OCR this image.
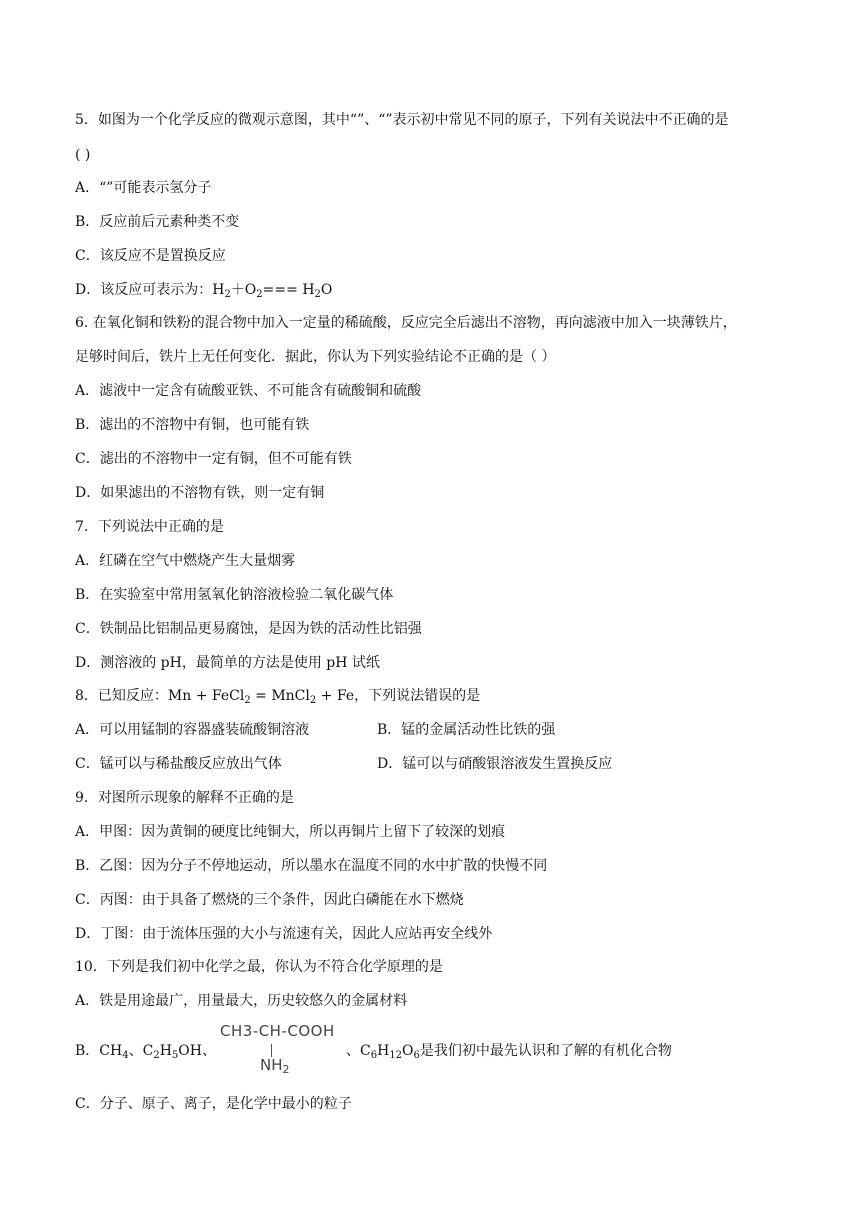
5．如图为一个化学反应的微观示意图，其中“”、“”表示初中常见不同的原子，下列有关说法中不正确的是
( )
A．“”可能表示氢分子
B．反应前后元素种类不变
C．该反应不是置换反应
D．该反应可表示为：$H_2+O_2=== H_2O$
6. 在氧化铜和铁粉的混合物中加入一定量的稀硫酸，反应完全后滤出不溶物，再向滤液中加入一块薄铁片，
足够时间后，铁片上无任何变化．据此，你认为下列实验结论不正确的是（ ）
A．滤液中一定含有硫酸亚铁、不可能含有硫酸铜和硫酸
B．滤出的不溶物中有铜，也可能有铁
C．滤出的不溶物中一定有铜，但不可能有铁
D．如果滤出的不溶物有铁，则一定有铜
7．下列说法中正确的是
A．红磷在空气中燃烧产生大量烟雾
B．在实验室中常用氢氧化钠溶液检验二氧化碳气体
C．铁制品比铝制品更易腐蚀，是因为铁的活动性比铝强
D．测溶液的 pH，最简单的方法是使用 pH 试纸
8．已知反应：Mn + FeCl$_2$ = MnCl$_2$ + Fe，下列说法错误的是
A．可以用锰制的容器盛装硫酸铜溶液	B．锰的金属活动性比铁的强
C．锰可以与稀盐酸反应放出气体	D．锰可以与硝酸银溶液发生置换反应
9．对图所示现象的解释不正确的是
A．甲图：因为黄铜的硬度比纯铜大，所以再铜片上留下了较深的划痕
B．乙图：因为分子不停地运动，所以墨水在温度不同的水中扩散的快慢不同
C．丙图：由于具备了燃烧的三个条件，因此白磷能在水下燃烧
D．丁图：由于流体压强的大小与流速有关，因此人应站再安全线外
10．下列是我们初中化学之最，你认为不符合化学原理的是
A．铁是用途最广，用量最大，历史较悠久的金属材料
B．$CH_4$、$C_2H_5OH$、
CH3-CH-COOH
$NH_2$
、$C_6H_{12}O_6$是我们初中最先认识和了解的有机化合物
C．分子、原子、离子，是化学中最小的粒子
